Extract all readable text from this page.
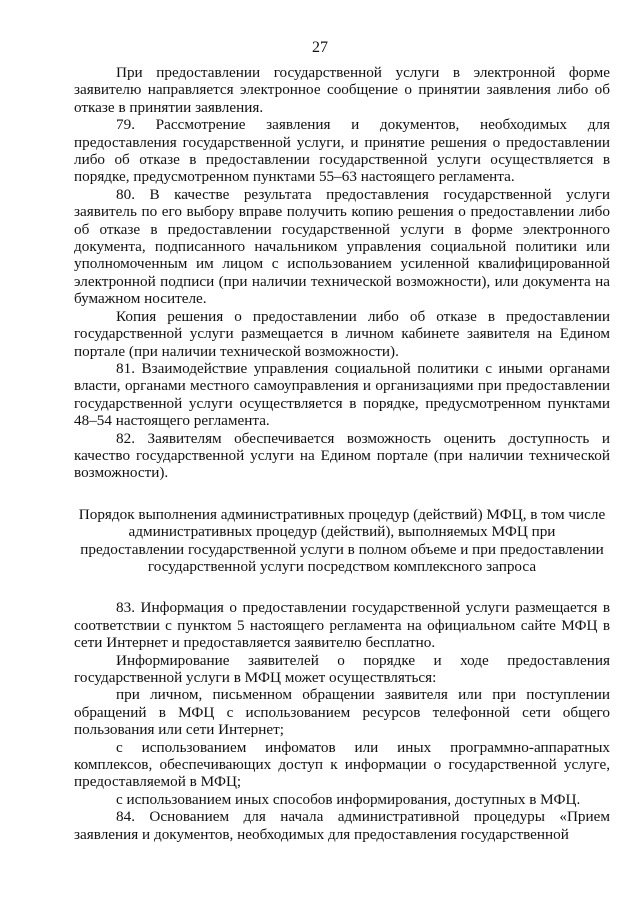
27

При предоставлении государственной услуги в электронной форме заявителю направляется электронное сообщение о принятии заявления либо об отказе в принятии заявления.

79. Рассмотрение заявления и документов, необходимых для предоставления государственной услуги, и принятие решения о предоставлении либо об отказе в предоставлении государственной услуги осуществляется в порядке, предусмотренном пунктами 55–63 настоящего регламента.

80. В качестве результата предоставления государственной услуги заявитель по его выбору вправе получить копию решения о предоставлении либо об отказе в предоставлении государственной услуги в форме электронного документа, подписанного начальником управления социальной политики или уполномоченным им лицом с использованием усиленной квалифицированной электронной подписи (при наличии технической возможности), или документа на бумажном носителе.

Копия решения о предоставлении либо об отказе в предоставлении государственной услуги размещается в личном кабинете заявителя на Едином портале (при наличии технической возможности).

81. Взаимодействие управления социальной политики с иными органами власти, органами местного самоуправления и организациями при предоставлении государственной услуги осуществляется в порядке, предусмотренном пунктами 48–54 настоящего регламента.

82. Заявителям обеспечивается возможность оценить доступность и качество государственной услуги на Едином портале (при наличии технической возможности).

Порядок выполнения административных процедур (действий) МФЦ, в том числе административных процедур (действий), выполняемых МФЦ при предоставлении государственной услуги в полном объеме и при предоставлении государственной услуги посредством комплексного запроса

83. Информация о предоставлении государственной услуги размещается в соответствии с пунктом 5 настоящего регламента на официальном сайте МФЦ в сети Интернет и предоставляется заявителю бесплатно.

Информирование заявителей о порядке и ходе предоставления государственной услуги в МФЦ может осуществляться:

при личном, письменном обращении заявителя или при поступлении обращений в МФЦ с использованием ресурсов телефонной сети общего пользования или сети Интернет;

с использованием инфоматов или иных программно-аппаратных комплексов, обеспечивающих доступ к информации о государственной услуге, предоставляемой в МФЦ;

с использованием иных способов информирования, доступных в МФЦ.

84. Основанием для начала административной процедуры «Прием заявления и документов, необходимых для предоставления государственной
